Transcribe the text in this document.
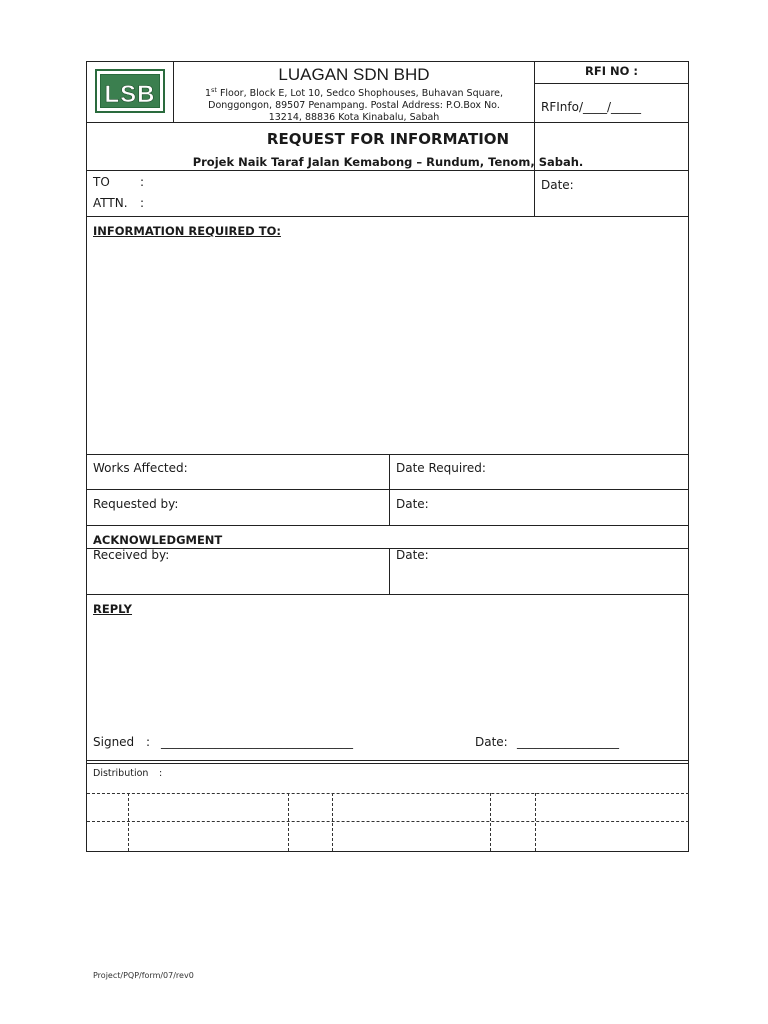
LSB
LUAGAN SDN BHD
1st Floor, Block E, Lot 10, Sedco Shophouses, Buhavan Square,
Donggongon, 89507 Penampang. Postal Address: P.O.Box No.
13214, 88836 Kota Kinabalu, Sabah
RFI NO :
RFInfo/____/_____
REQUEST FOR INFORMATION
Projek Naik Taraf Jalan Kemabong – Rundum, Tenom, Sabah.
TO	:
ATTN. :
Date:
INFORMATION REQUIRED TO:
Works Affected:	Date Required:
Requested by:	Date:
ACKNOWLEDGMENT
Received by:	Date:
REPLY
Signed : ________________________________	Date: _________________
Distribution :
Project/PQP/form/07/rev0
